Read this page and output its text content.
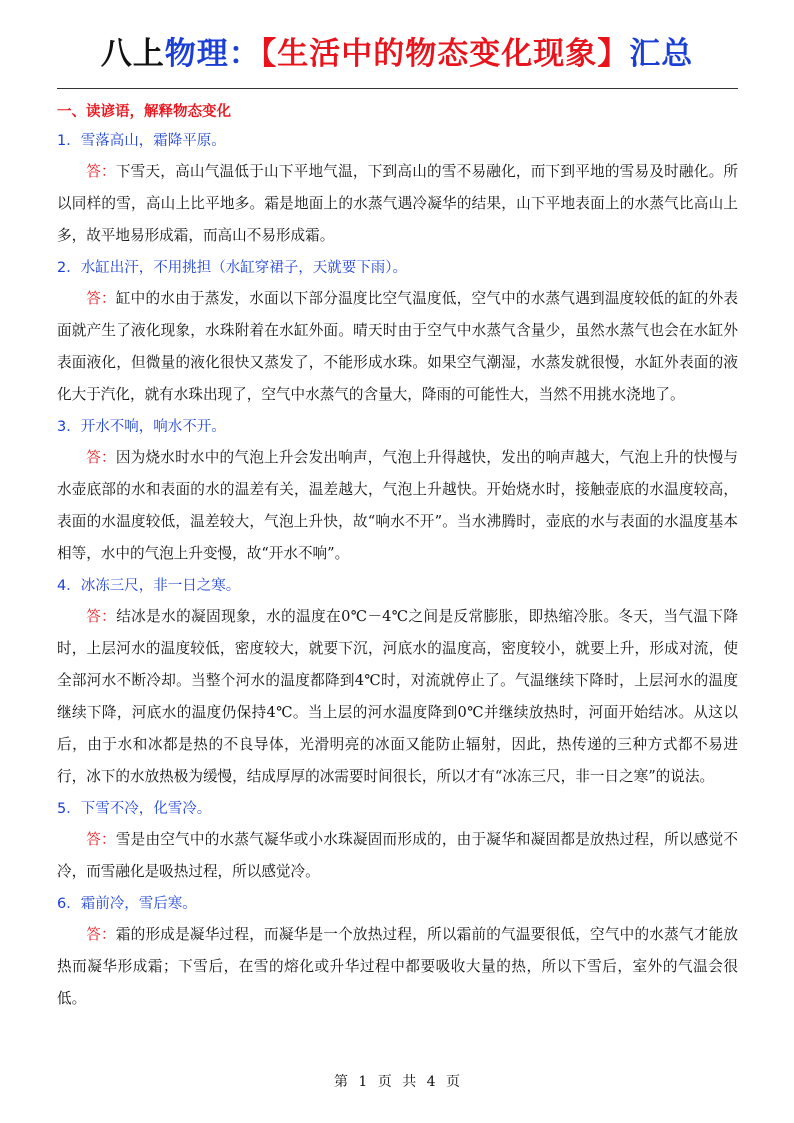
八上物理：【生活中的物态变化现象】汇总

一、读谚语，解释物态变化

1．雪落高山，霜降平原。

答：下雪天，高山气温低于山下平地气温，下到高山的雪不易融化，而下到平地的雪易及时融化。所以同样的雪，高山上比平地多。霜是地面上的水蒸气遇冷凝华的结果，山下平地表面上的水蒸气比高山上多，故平地易形成霜，而高山不易形成霜。

2．水缸出汗，不用挑担（水缸穿裙子，天就要下雨）。

答：缸中的水由于蒸发，水面以下部分温度比空气温度低，空气中的水蒸气遇到温度较低的缸的外表面就产生了液化现象，水珠附着在水缸外面。晴天时由于空气中水蒸气含量少，虽然水蒸气也会在水缸外表面液化，但微量的液化很快又蒸发了，不能形成水珠。如果空气潮湿，水蒸发就很慢，水缸外表面的液化大于汽化，就有水珠出现了，空气中水蒸气的含量大，降雨的可能性大，当然不用挑水浇地了。

3．开水不响，响水不开。

答：因为烧水时水中的气泡上升会发出响声，气泡上升得越快，发出的响声越大，气泡上升的快慢与水壶底部的水和表面的水的温差有关，温差越大，气泡上升越快。开始烧水时，接触壶底的水温度较高，表面的水温度较低，温差较大，气泡上升快，故“响水不开”。当水沸腾时，壶底的水与表面的水温度基本相等，水中的气泡上升变慢，故“开水不响”。

4．冰冻三尺，非一日之寒。

答：结冰是水的凝固现象，水的温度在0℃－4℃之间是反常膨胀，即热缩冷胀。冬天，当气温下降时，上层河水的温度较低，密度较大，就要下沉，河底水的温度高，密度较小，就要上升，形成对流，使全部河水不断冷却。当整个河水的温度都降到4℃时，对流就停止了。气温继续下降时，上层河水的温度继续下降，河底水的温度仍保持4℃。当上层的河水温度降到0℃并继续放热时，河面开始结冰。从这以后，由于水和冰都是热的不良导体，光滑明亮的冰面又能防止辐射，因此，热传递的三种方式都不易进行，冰下的水放热极为缓慢，结成厚厚的冰需要时间很长，所以才有“冰冻三尺，非一日之寒”的说法。

5．下雪不冷，化雪冷。

答：雪是由空气中的水蒸气凝华或小水珠凝固而形成的，由于凝华和凝固都是放热过程，所以感觉不冷，而雪融化是吸热过程，所以感觉冷。

6．霜前冷，雪后寒。

答：霜的形成是凝华过程，而凝华是一个放热过程，所以霜前的气温要很低，空气中的水蒸气才能放热而凝华形成霜；下雪后，在雪的熔化或升华过程中都要吸收大量的热，所以下雪后，室外的气温会很低。

第 1 页 共 4 页
